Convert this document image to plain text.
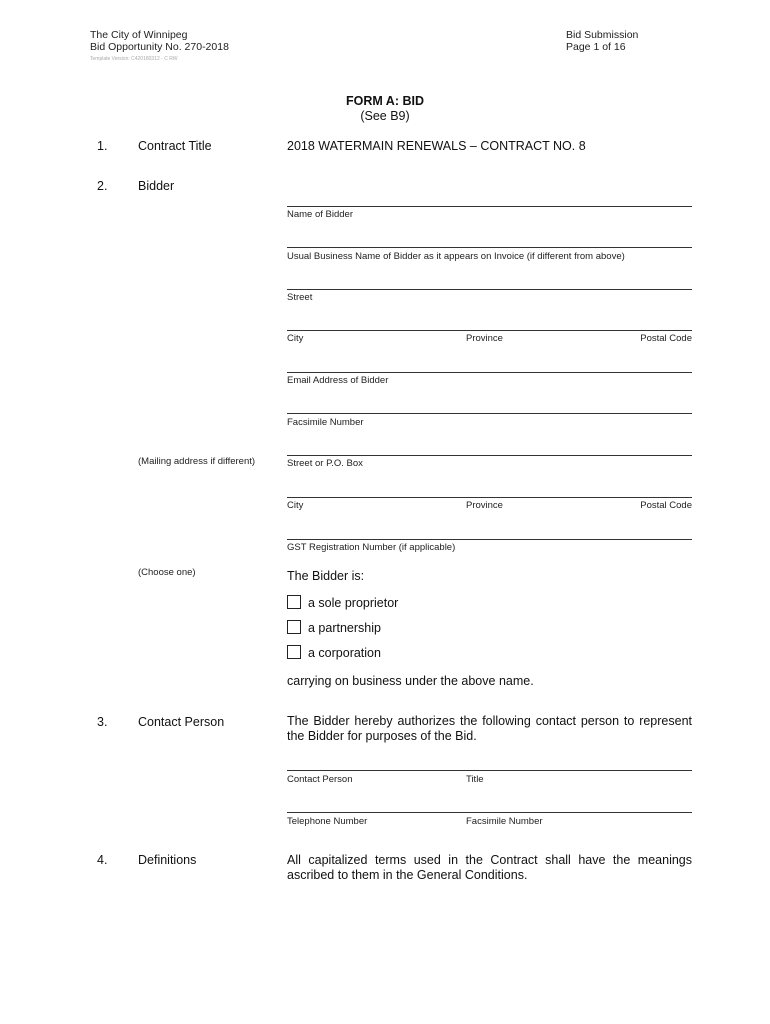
The City of Winnipeg
Bid Opportunity No. 270-2018
Template Version: C420180312 - C RW
Bid Submission
Page 1 of 16
FORM A: BID
(See B9)
1. Contract Title	2018 WATERMAIN RENEWALS – CONTRACT NO. 8
2. Bidder
Name of Bidder
Usual Business Name of Bidder as it appears on Invoice (if different from above)
Street
City	Province	Postal Code
Email Address of Bidder
Facsimile Number
(Mailing address if different)	Street or P.O. Box
City	Province	Postal Code
GST Registration Number (if applicable)
(Choose one)	The Bidder is:
a sole proprietor
a partnership
a corporation
carrying on business under the above name.
3. Contact Person	The Bidder hereby authorizes the following contact person to represent the Bidder for purposes of the Bid.
Contact Person	Title
Telephone Number	Facsimile Number
4. Definitions	All capitalized terms used in the Contract shall have the meanings ascribed to them in the General Conditions.
